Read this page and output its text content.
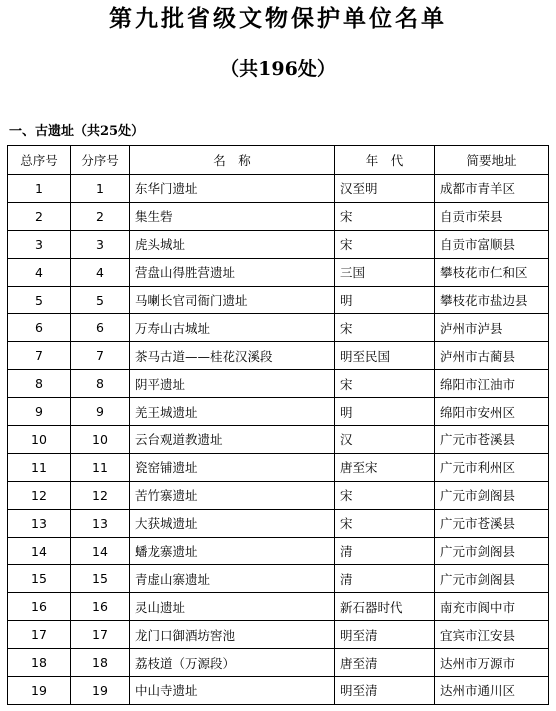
第九批省级文物保护单位名单
（共196处）
一、古遗址（共25处）
总序号	分序号	名　称	年　代	简要地址
1	1	东华门遗址	汉至明	成都市青羊区
2	2	集生砦	宋	自贡市荣县
3	3	虎头城址	宋	自贡市富顺县
4	4	营盘山得胜营遗址	三国	攀枝花市仁和区
5	5	马喇长官司衙门遗址	明	攀枝花市盐边县
6	6	万寿山古城址	宋	泸州市泸县
7	7	茶马古道——桂花汉溪段	明至民国	泸州市古蔺县
8	8	阴平遗址	宋	绵阳市江油市
9	9	羌王城遗址	明	绵阳市安州区
10	10	云台观道教遗址	汉	广元市苍溪县
11	11	瓷窑铺遗址	唐至宋	广元市利州区
12	12	苦竹寨遗址	宋	广元市剑阁县
13	13	大获城遗址	宋	广元市苍溪县
14	14	蟠龙寨遗址	清	广元市剑阁县
15	15	青虚山寨遗址	清	广元市剑阁县
16	16	灵山遗址	新石器时代	南充市阆中市
17	17	龙门口御酒坊窖池	明至清	宜宾市江安县
18	18	荔枝道（万源段）	唐至清	达州市万源市
19	19	中山寺遗址	明至清	达州市通川区
